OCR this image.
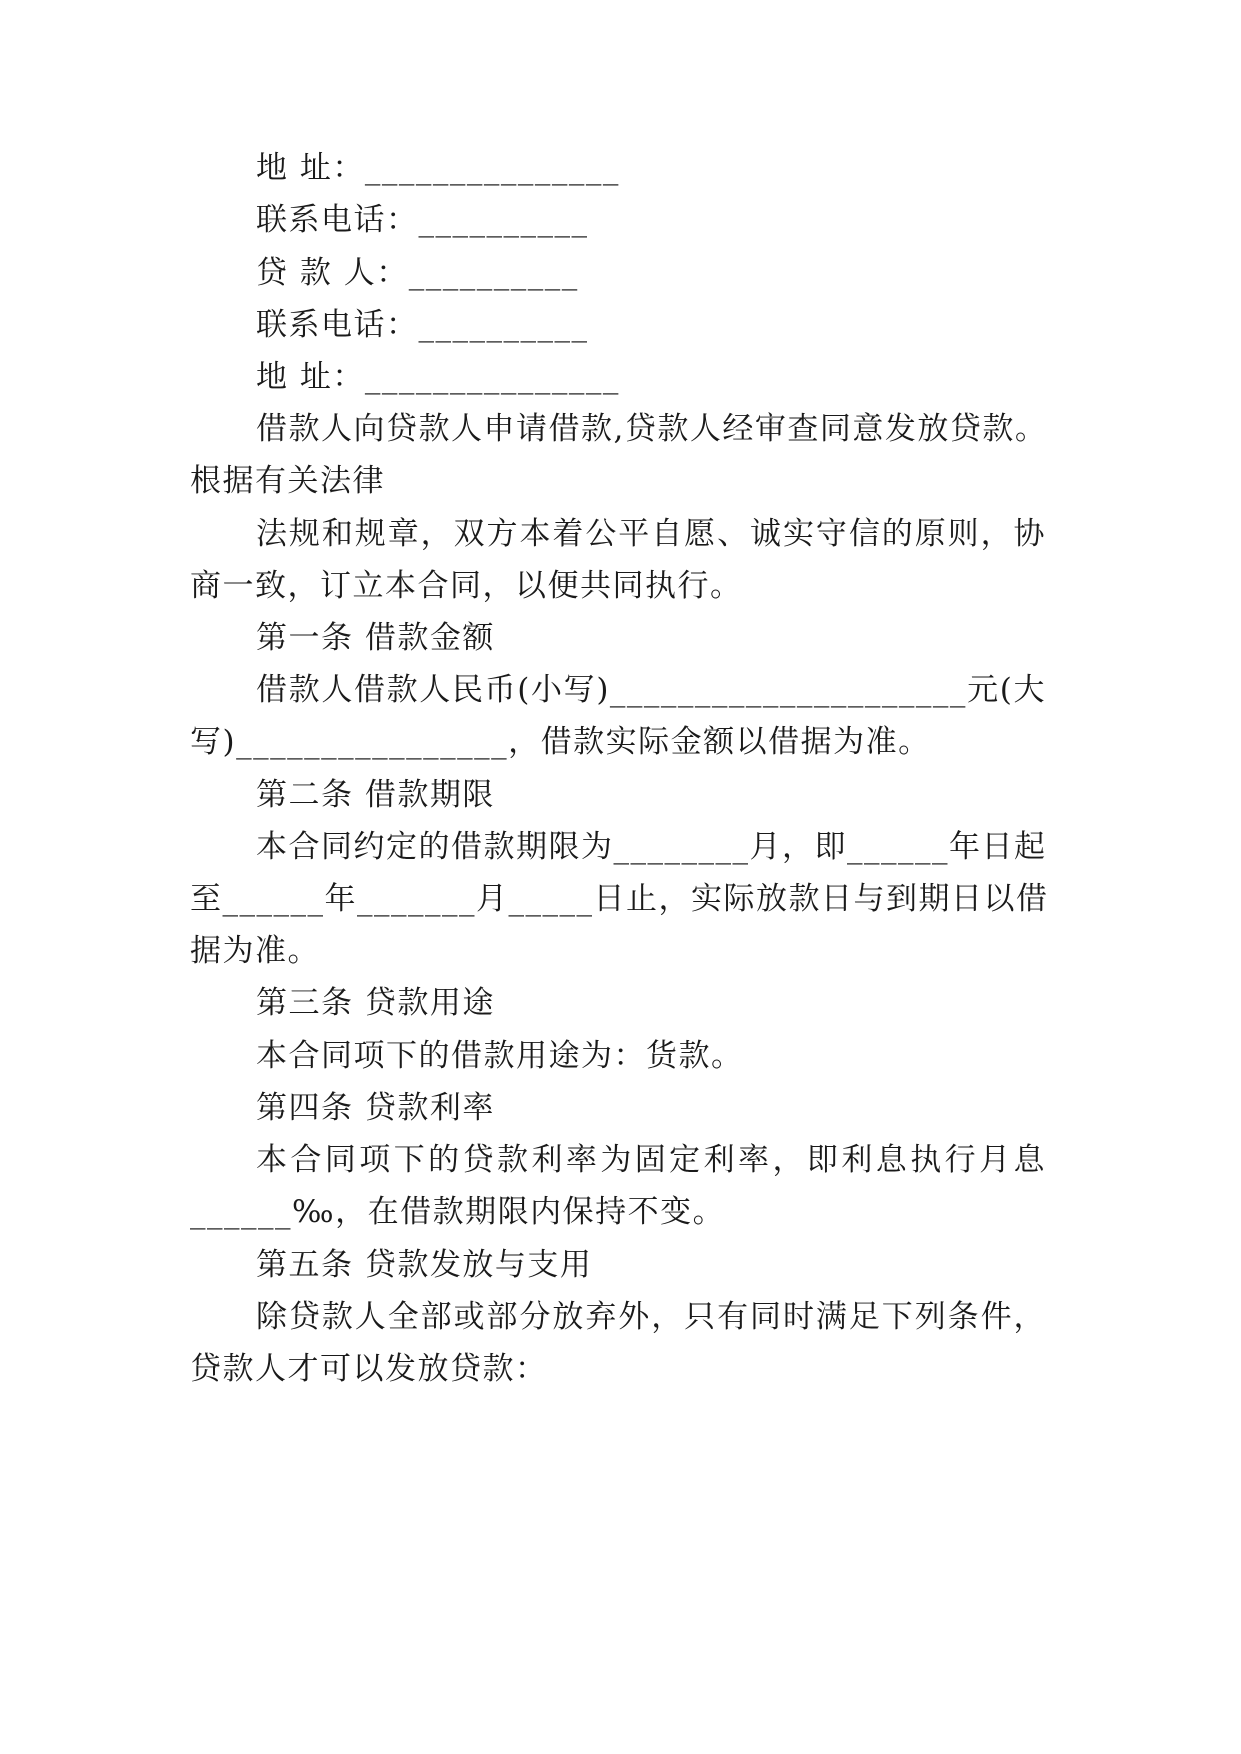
地 址：_______________
联系电话：__________
贷 款 人：__________
联系电话：__________
地 址：_______________
借款人向贷款人申请借款,贷款人经审查同意发放贷款。
根据有关法律
法规和规章，双方本着公平自愿、诚实守信的原则，协
商一致，订立本合同，以便共同执行。
第一条 借款金额
借款人借款人民币(小写)_____________________元(大
写)________________，借款实际金额以借据为准。
第二条 借款期限
本合同约定的借款期限为________月，即______年日起
至______年_______月_____日止，实际放款日与到期日以借
据为准。
第三条 贷款用途
本合同项下的借款用途为：货款。
第四条 贷款利率
本合同项下的贷款利率为固定利率，即利息执行月息
______‰，在借款期限内保持不变。
第五条 贷款发放与支用
除贷款人全部或部分放弃外，只有同时满足下列条件，
贷款人才可以发放贷款：
